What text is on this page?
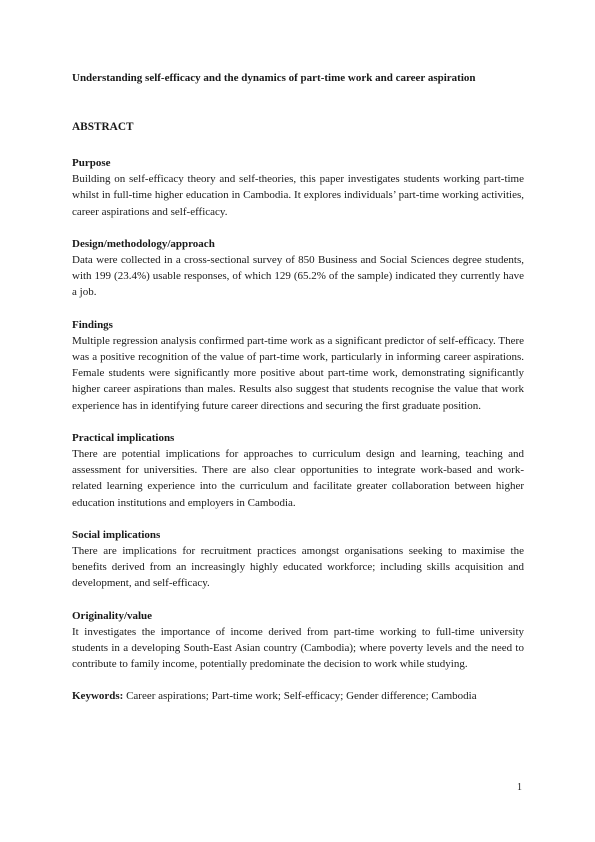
Understanding self-efficacy and the dynamics of part-time work and career aspiration

ABSTRACT

Purpose

Building on self-efficacy theory and self-theories, this paper investigates students working part-time whilst in full-time higher education in Cambodia. It explores individuals’ part-time working activities, career aspirations and self-efficacy.

Design/methodology/approach

Data were collected in a cross-sectional survey of 850 Business and Social Sciences degree students, with 199 (23.4%) usable responses, of which 129 (65.2% of the sample) indicated they currently have a job.

Findings

Multiple regression analysis confirmed part-time work as a significant predictor of self-efficacy. There was a positive recognition of the value of part-time work, particularly in informing career aspirations. Female students were significantly more positive about part-time work, demonstrating significantly higher career aspirations than males. Results also suggest that students recognise the value that work experience has in identifying future career directions and securing the first graduate position.

Practical implications

There are potential implications for approaches to curriculum design and learning, teaching and assessment for universities. There are also clear opportunities to integrate work-based and work-related learning experience into the curriculum and facilitate greater collaboration between higher education institutions and employers in Cambodia.

Social implications

There are implications for recruitment practices amongst organisations seeking to maximise the benefits derived from an increasingly highly educated workforce; including skills acquisition and development, and self-efficacy.

Originality/value

It investigates the importance of income derived from part-time working to full-time university students in a developing South-East Asian country (Cambodia); where poverty levels and the need to contribute to family income, potentially predominate the decision to work while studying.

Keywords: Career aspirations; Part-time work; Self-efficacy; Gender difference; Cambodia

1
